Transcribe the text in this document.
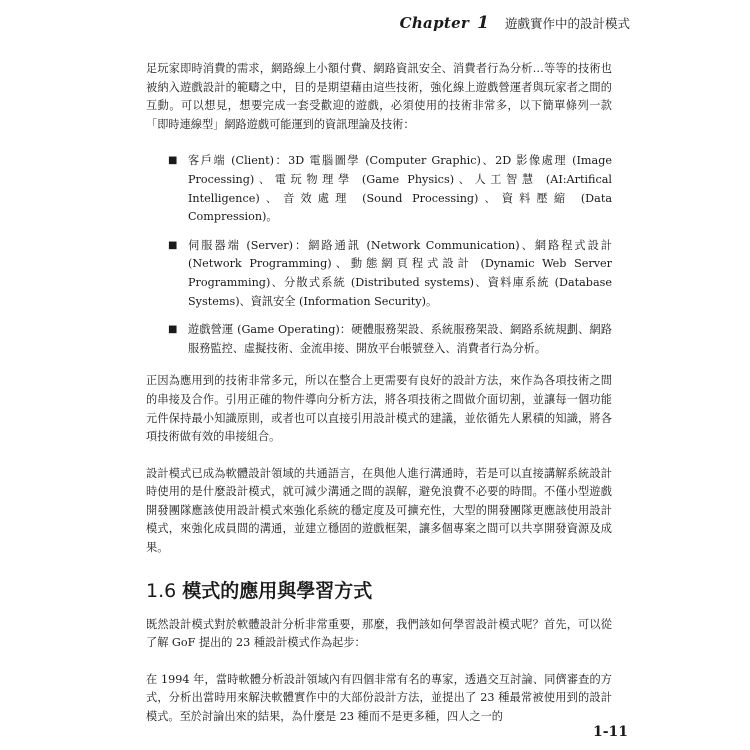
Chapter 1 遊戲實作中的設計模式

足玩家即時消費的需求，網路線上小額付費、網路資訊安全、消費者行為分析…等等的技術也被納入遊戲設計的範疇之中，目的是期望藉由這些技術，強化線上遊戲營運者與玩家者之間的互動。可以想見，想要完成一套受歡迎的遊戲，必須使用的技術非常多，以下簡單條列一款「即時連線型」網路遊戲可能運到的資訊理論及技術：

■ 客戶端 (Client)：3D 電腦圖學 (Computer Graphic)、2D 影像處理 (Image Processing)、電玩物理學 (Game Physics)、人工智慧 (AI:Artifical Intelligence)、音效處理 (Sound Processing)、資料壓縮 (Data Compression)。
■ 伺服器端 (Server)：網路通訊 (Network Communication)、網路程式設計 (Network Programming)、動態網頁程式設計 (Dynamic Web Server Programming)、分散式系統 (Distributed systems)、資料庫系統 (Database Systems)、資訊安全 (Information Security)。
■ 遊戲營運 (Game Operating)：硬體服務架設、系統服務架設、網路系統規劃、網路服務監控、虛擬技術、金流串接、開放平台帳號登入、消費者行為分析。

正因為應用到的技術非常多元，所以在整合上更需要有良好的設計方法，來作為各項技術之間的串接及合作。引用正確的物件導向分析方法，將各項技術之間做介面切割，並讓每一個功能元件保持最小知識原則，或者也可以直接引用設計模式的建議，並依循先人累積的知識，將各項技術做有效的串接組合。

設計模式已成為軟體設計領域的共通語言，在與他人進行溝通時，若是可以直接講解系統設計時使用的是什麼設計模式，就可減少溝通之間的誤解，避免浪費不必要的時間。不僅小型遊戲開發團隊應該使用設計模式來強化系統的穩定度及可擴充性，大型的開發團隊更應該使用設計模式，來強化成員間的溝通，並建立穩固的遊戲框架，讓多個專案之間可以共享開發資源及成果。

1.6 模式的應用與學習方式

既然設計模式對於軟體設計分析非常重要，那麼，我們該如何學習設計模式呢？首先，可以從了解 GoF 提出的 23 種設計模式作為起步：

在 1994 年，當時軟體分析設計領域內有四個非常有名的專家，透過交互討論、同儕審查的方式，分析出當時用來解決軟體實作中的大部份設計方法，並提出了 23 種最常被使用到的設計模式。至於討論出來的結果，為什麼是 23 種而不是更多種，四人之一的

1-11
